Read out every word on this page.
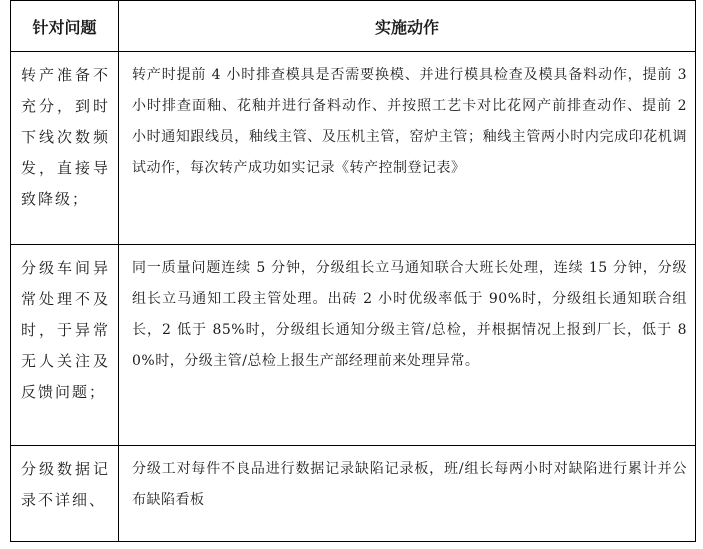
针对问题	实施动作

转产准备不充分，到时下线次数频发，直接导致降级；	转产时提前 4 小时排查模具是否需要换模、并进行模具检查及模具备料动作，提前 3 小时排查面釉、花釉并进行备料动作、并按照工艺卡对比花网产前排查动作、提前 2 小时通知跟线员，釉线主管、及压机主管，窑炉主管；釉线主管两小时内完成印花机调试动作，每次转产成功如实记录《转产控制登记表》

分级车间异常处理不及时，于异常无人关注及反馈问题；	同一质量问题连续 5 分钟，分级组长立马通知联合大班长处理，连续 15 分钟，分级组长立马通知工段主管处理。出砖 2 小时优级率低于 90%时，分级组长通知联合组长，2 低于 85%时，分级组长通知分级主管/总检，并根据情况上报到厂长，低于 80%时，分级主管/总检上报生产部经理前来处理异常。

分级数据记录不详细、	分级工对每件不良品进行数据记录缺陷记录板，班/组长每两小时对缺陷进行累计并公布缺陷看板
